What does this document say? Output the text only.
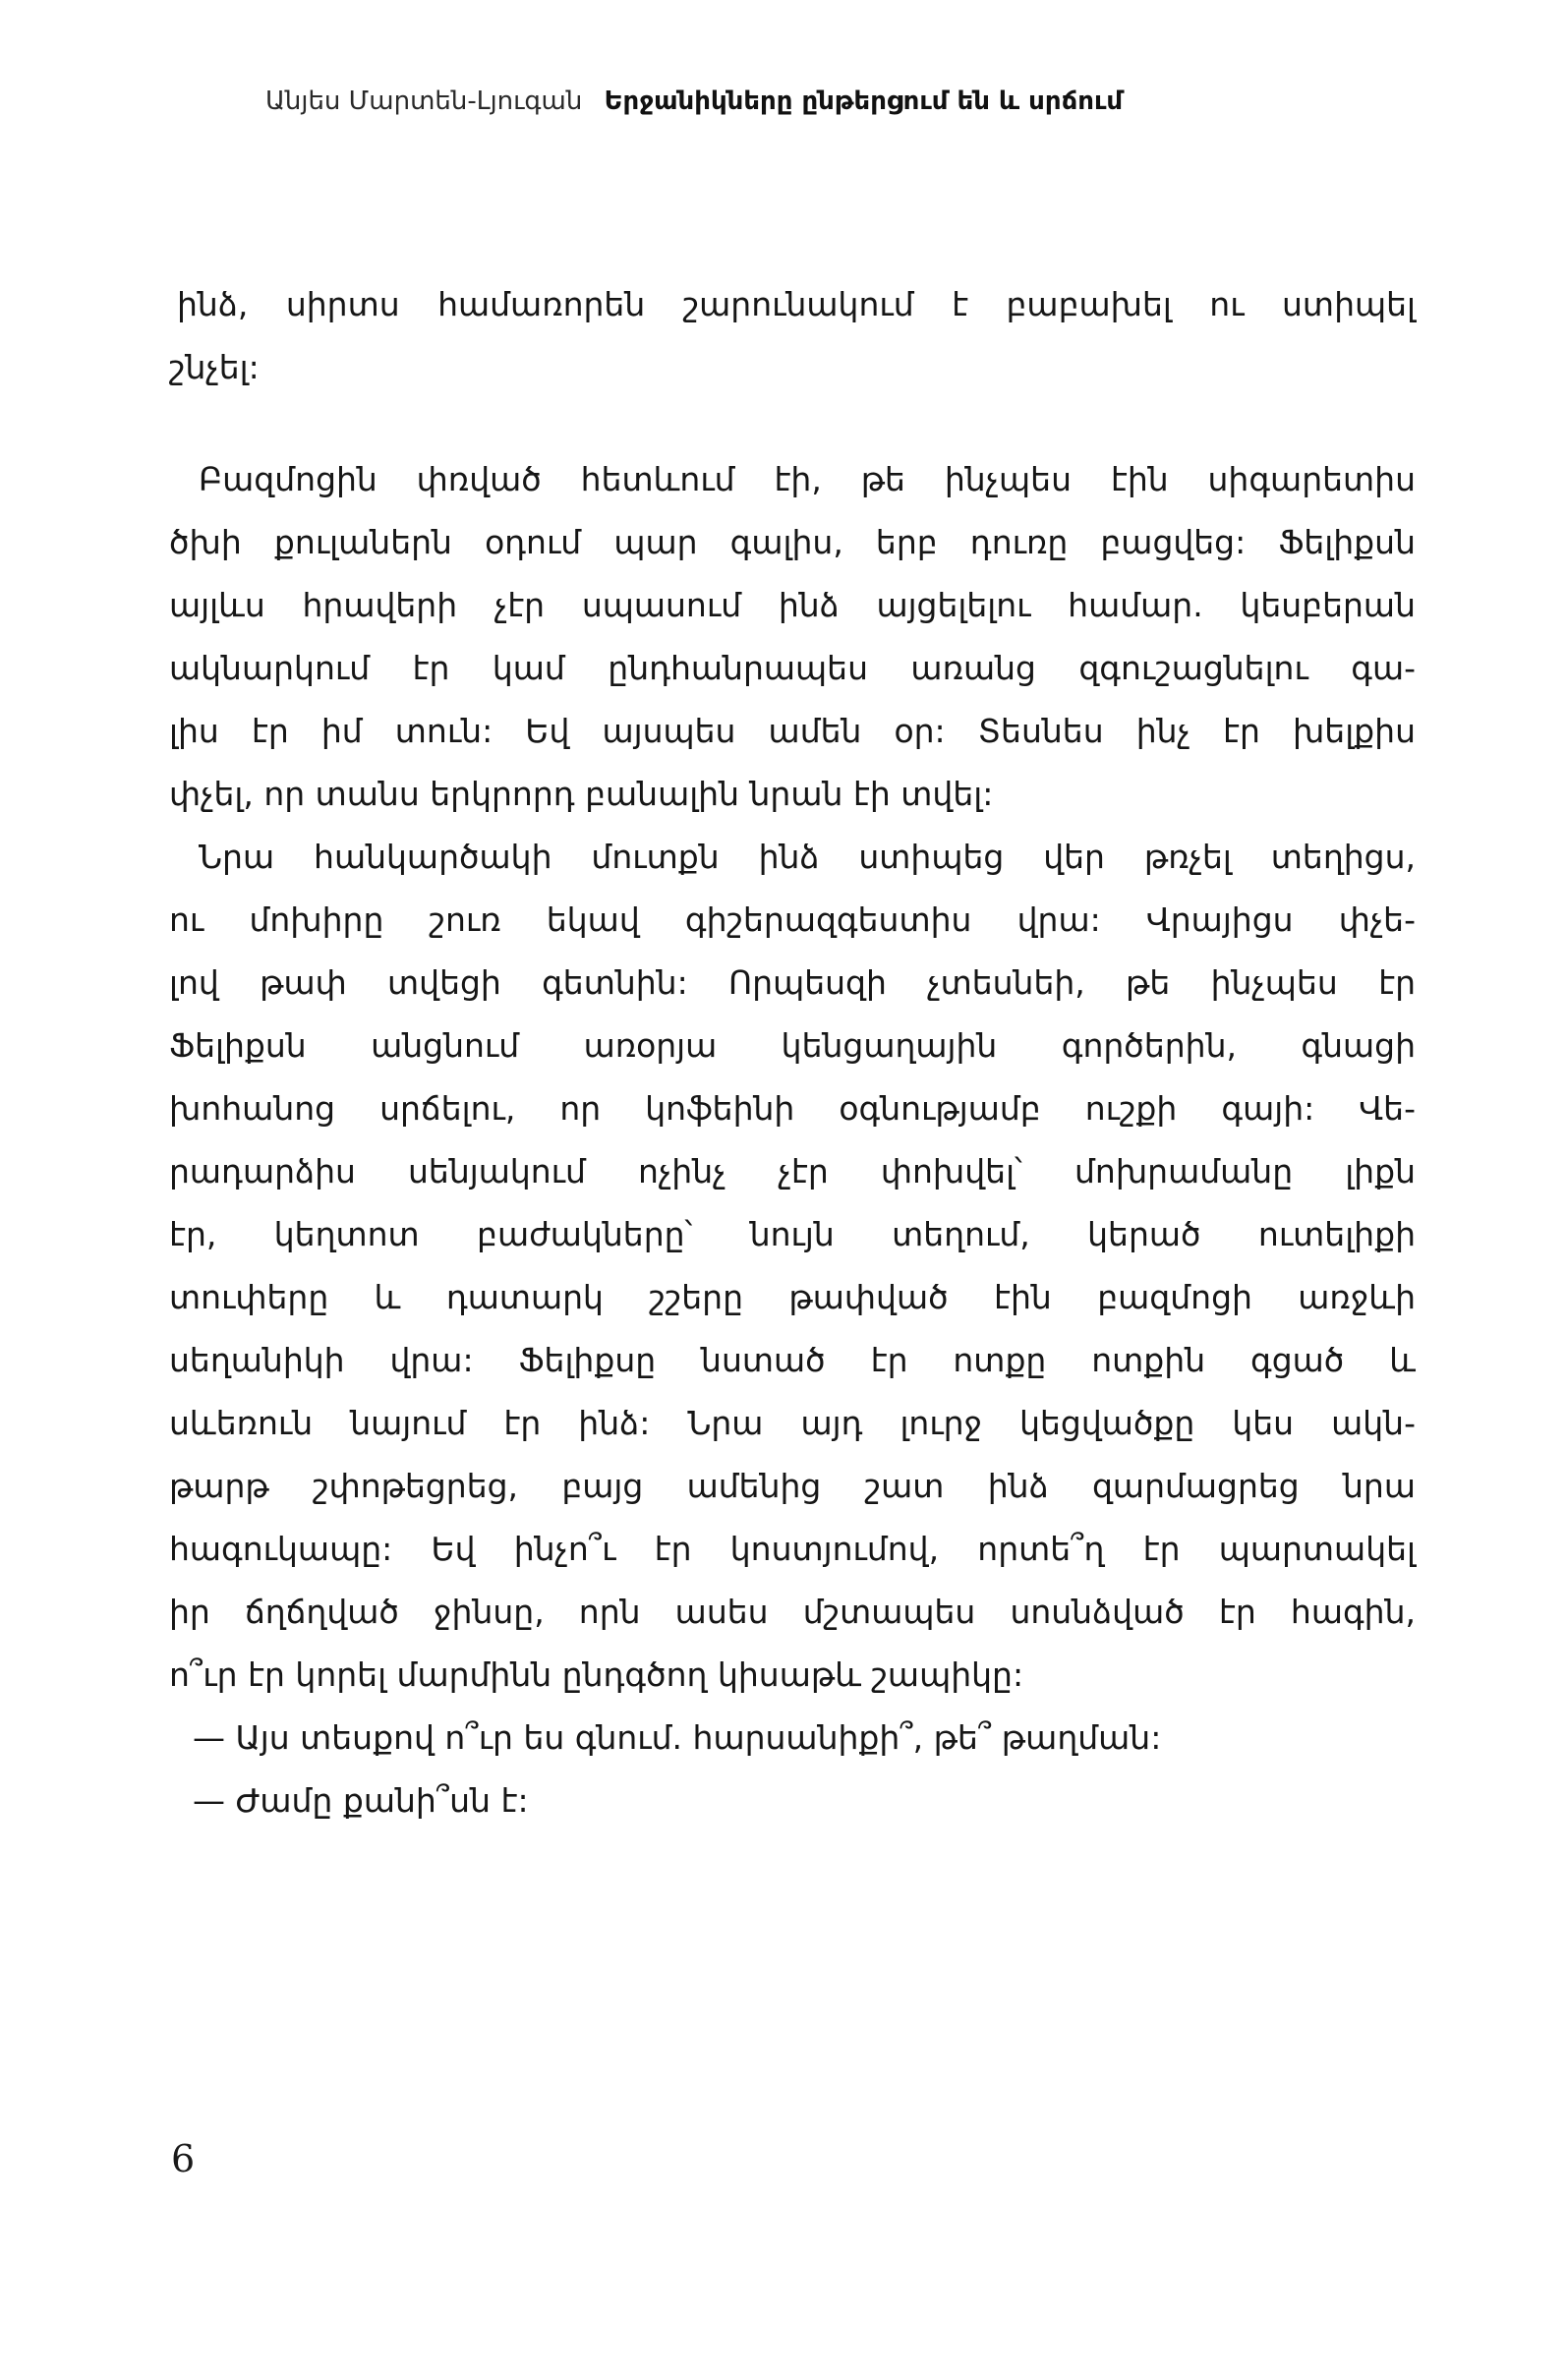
Անյես Մարտեն-Լյուգան Երջանիկները ընթերցում են և սրճում
ինձ, սիրտս համառորեն շարունակում է բաբախել ու ստիպել
շնչել:
Բազմոցին փռված հետևում էի, թե ինչպես էին սիգարետիս
ծխի քուլաներն օդում պար գալիս, երբ դուռը բացվեց: Ֆելիքսն
այլևս հրավերի չէր սպասում ինձ այցելելու համար. կեսբերան
ակնարկում էր կամ ընդհանրապես առանց զգուշացնելու գա-
լիս էր իմ տուն: Եվ այսպես ամեն օր: Տեսնես ինչ էր խելքիս
փչել, որ տանս երկրորդ բանալին նրան էի տվել:
Նրա հանկարծակի մուտքն ինձ ստիպեց վեր թռչել տեղիցս,
ու մոխիրը շուռ եկավ գիշերազգեստիս վրա: Վրայիցս փչե-
լով թափ տվեցի գետնին: Որպեսզի չտեսնեի, թե ինչպես էր
Ֆելիքսն անցնում առօրյա կենցաղային գործերին, գնացի
խոհանոց սրճելու, որ կոֆեինի օգնությամբ ուշքի գայի: Վե-
րադարձիս սենյակում ոչինչ չէր փոխվել՝ մոխրամանը լիքն
էր, կեղտոտ բաժակները՝ նույն տեղում, կերած ուտելիքի
տուփերը և դատարկ շշերը թափված էին բազմոցի առջևի
սեղանիկի վրա: Ֆելիքսը նստած էր ոտքը ոտքին գցած և
սևեռուն նայում էր ինձ: Նրա այդ լուրջ կեցվածքը կես ակն-
թարթ շփոթեցրեց, բայց ամենից շատ ինձ զարմացրեց նրա
հագուկապը: Եվ ինչո՞ւ էր կոստյումով, որտե՞ղ էր պարտակել
իր ճղճղված ջինսը, որն ասես մշտապես սոսնձված էր հագին,
ո՞ւր էր կորել մարմինն ընդգծող կիսաթև շապիկը:
— Այս տեսքով ո՞ւր ես գնում. հարսանիքի՞, թե՞ թաղման:
— Ժամը քանի՞սն է:
6
